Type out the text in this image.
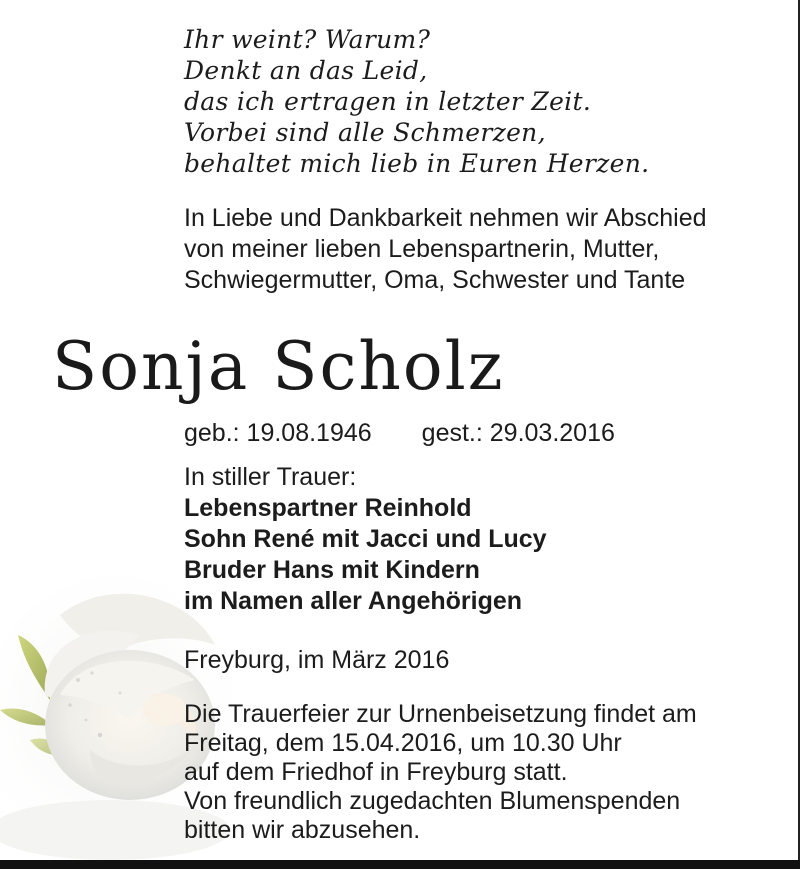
Ihr weint? Warum?
Denkt an das Leid,
das ich ertragen in letzter Zeit.
Vorbei sind alle Schmerzen,
behaltet mich lieb in Euren Herzen.
In Liebe und Dankbarkeit nehmen wir Abschied
von meiner lieben Lebenspartnerin, Mutter,
Schwiegermutter, Oma, Schwester und Tante
Sonja Scholz
geb.: 19.08.1946 gest.: 29.03.2016
In stiller Trauer:
Lebenspartner Reinhold
Sohn René mit Jacci und Lucy
Bruder Hans mit Kindern
im Namen aller Angehörigen
Freyburg, im März 2016
Die Trauerfeier zur Urnenbeisetzung findet am
Freitag, dem 15.04.2016, um 10.30 Uhr
auf dem Friedhof in Freyburg statt.
Von freundlich zugedachten Blumenspenden
bitten wir abzusehen.
